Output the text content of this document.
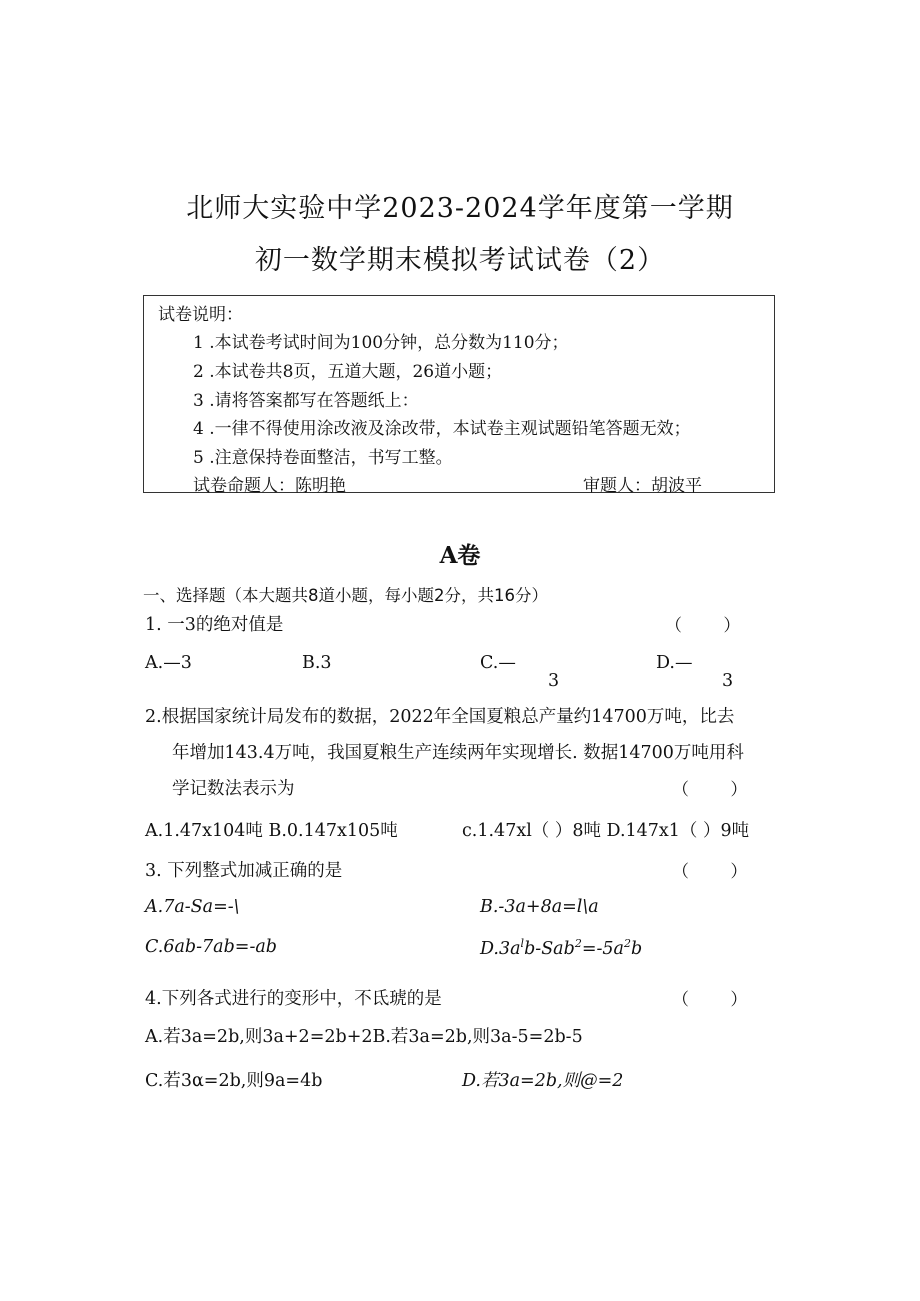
北师大实验中学2023-2024学年度第一学期
初一数学期末模拟考试试卷（2）
试卷说明：
1 .本试卷考试时间为100分钟，总分数为110分；
2 .本试卷共8页，五道大题，26道小题；
3 .请将答案都写在答题纸上：
4 .一律不得使用涂改液及涂改带，本试卷主观试题铅笔答题无效；
5 .注意保持卷面整洁，书写工整。
试卷命题人：陈明艳	审题人：胡波平
A卷
一、选择题（本大题共8道小题，每小题2分，共16分）
1. 一3的绝对值是	（ ）
A.—3	B.3	C.—
3
D.—
3
2.根据国家统计局发布的数据，2022年全国夏粮总产量约14700万吨，比去
年增加143.4万吨，我国夏粮生产连续两年实现增长. 数据14700万吨用科
学记数法表示为	（ ）
A.1.47x104吨 B.0.147x105吨	c.1.47xl（ ）8吨 D.147x1（ ）9吨
3. 下列整式加减正确的是	（ ）
A.7a-Sa=-\	B.-3a+8a=l\a
C.6ab-7ab=-ab	$D.3a^lb-Sab^2=-5a^2b$
4.下列各式进行的变形中，不氐琥的是	（ ）
A.若3a=2b,则3a+2=2b+2B.若3a=2b,则3a-5=2b-5
C.若3α=2b,则9a=4b	D.若3a=2b,则@=2
